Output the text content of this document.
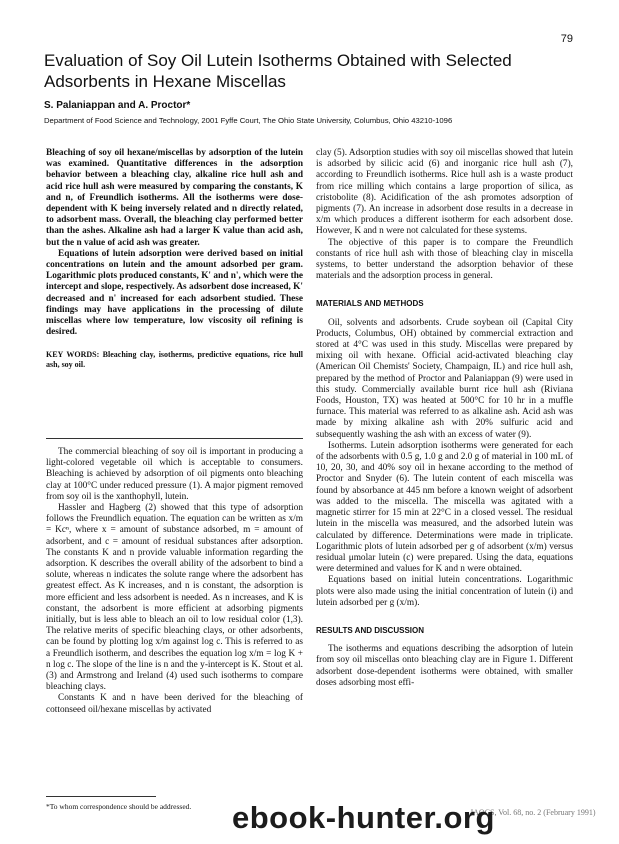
79
Evaluation of Soy Oil Lutein Isotherms Obtained with Selected Adsorbents in Hexane Miscellas
S. Palaniappan and A. Proctor*
Department of Food Science and Technology, 2001 Fyffe Court, The Ohio State University, Columbus, Ohio 43210-1096

Bleaching of soy oil hexane/miscellas by adsorption of the lutein was examined. Quantitative differences in the adsorption behavior between a bleaching clay, alkaline rice hull ash and acid rice hull ash were measured by comparing the constants, K and n, of Freundlich isotherms. All the isotherms were dose-dependent with K being inversely related and n directly related, to adsorbent mass. Overall, the bleaching clay performed better than the ashes. Alkaline ash had a larger K value than acid ash, but the n value of acid ash was greater.

Equations of lutein adsorption were derived based on initial concentrations on lutein and the amount adsorbed per gram. Logarithmic plots produced constants, K' and n', which were the intercept and slope, respectively. As adsorbent dose increased, K' decreased and n' increased for each adsorbent studied. These findings may have applications in the processing of dilute miscellas where low temperature, low viscosity oil refining is desired.

KEY WORDS: Bleaching clay, isotherms, predictive equations, rice hull ash, soy oil.

The commercial bleaching of soy oil is important in producing a light-colored vegetable oil which is acceptable to consumers. Bleaching is achieved by adsorption of oil pigments onto bleaching clay at 100°C under reduced pressure (1). A major pigment removed from soy oil is the xanthophyll, lutein.

Hassler and Hagberg (2) showed that this type of adsorption follows the Freundlich equation. The equation can be written as x/m = Kcⁿ, where x = amount of substance adsorbed, m = amount of adsorbent, and c = amount of residual substances after adsorption. The constants K and n provide valuable information regarding the adsorption. K describes the overall ability of the adsorbent to bind a solute, whereas n indicates the solute range where the adsorbent has greatest effect. As K increases, and n is constant, the adsorption is more efficient and less adsorbent is needed. As n increases, and K is constant, the adsorbent is more efficient at adsorbing pigments initially, but is less able to bleach an oil to low residual color (1,3). The relative merits of specific bleaching clays, or other adsorbents, can be found by plotting log x/m against log c. This is referred to as a Freundlich isotherm, and describes the equation log x/m = log K + n log c. The slope of the line is n and the y-intercept is K. Stout et al. (3) and Armstrong and Ireland (4) used such isotherms to compare bleaching clays.

Constants K and n have been derived for the bleaching of cottonseed oil/hexane miscellas by activated

*To whom correspondence should be addressed.

clay (5). Adsorption studies with soy oil miscellas showed that lutein is adsorbed by silicic acid (6) and inorganic rice hull ash (7), according to Freundlich isotherms. Rice hull ash is a waste product from rice milling which contains a large proportion of silica, as cristobolite (8). Acidification of the ash promotes adsorption of pigments (7). An increase in adsorbent dose results in a decrease in x/m which produces a different isotherm for each adsorbent dose. However, K and n were not calculated for these systems.

The objective of this paper is to compare the Freundlich constants of rice hull ash with those of bleaching clay in miscella systems, to better understand the adsorption behavior of these materials and the adsorption process in general.

MATERIALS AND METHODS

Oil, solvents and adsorbents. Crude soybean oil (Capital City Products, Columbus, OH) obtained by commercial extraction and stored at 4°C was used in this study. Miscellas were prepared by mixing oil with hexane. Official acid-activated bleaching clay (American Oil Chemists' Society, Champaign, IL) and rice hull ash, prepared by the method of Proctor and Palaniappan (9) were used in this study. Commercially available burnt rice hull ash (Riviana Foods, Houston, TX) was heated at 500°C for 10 hr in a muffle furnace. This material was referred to as alkaline ash. Acid ash was made by mixing alkaline ash with 20% sulfuric acid and subsequently washing the ash with an excess of water (9).

Isotherms. Lutein adsorption isotherms were generated for each of the adsorbents with 0.5 g, 1.0 g and 2.0 g of material in 100 mL of 10, 20, 30, and 40% soy oil in hexane according to the method of Proctor and Snyder (6). The lutein content of each miscella was found by absorbance at 445 nm before a known weight of adsorbent was added to the miscella. The miscella was agitated with a magnetic stirrer for 15 min at 22°C in a closed vessel. The residual lutein in the miscella was measured, and the adsorbed lutein was calculated by difference. Determinations were made in triplicate. Logarithmic plots of lutein adsorbed per g of adsorbent (x/m) versus residual μmolar lutein (c) were prepared. Using the data, equations were determined and values for K and n were obtained.

Equations based on initial lutein concentrations. Logarithmic plots were also made using the initial concentration of lutein (i) and lutein adsorbed per g (x/m).

RESULTS AND DISCUSSION

The isotherms and equations describing the adsorption of lutein from soy oil miscellas onto bleaching clay are in Figure 1. Different adsorbent dose-dependent isotherms were obtained, with smaller doses adsorbing most effi-

JAOCS, Vol. 68, no. 2 (February 1991)
ebook-hunter.org
